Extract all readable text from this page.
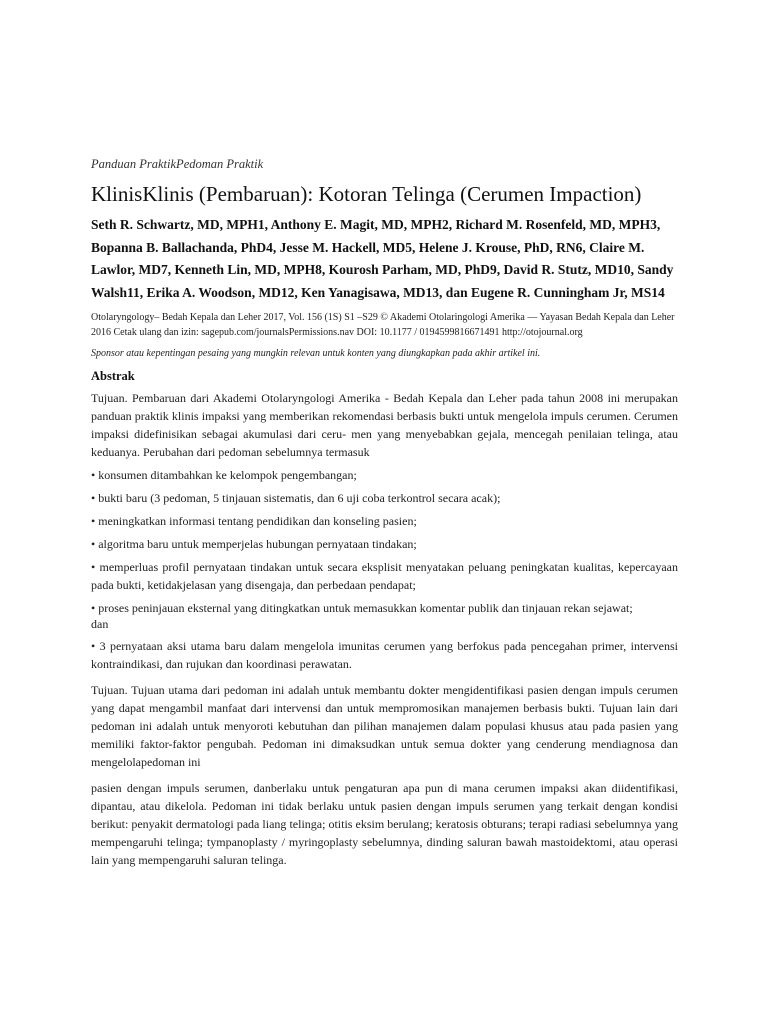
Panduan PraktikPedoman Praktik

KlinisKlinis (Pembaruan): Kotoran Telinga (Cerumen Impaction)

Seth R. Schwartz, MD, MPH1, Anthony E. Magit, MD, MPH2, Richard M. Rosenfeld, MD, MPH3, Bopanna B. Ballachanda, PhD4, Jesse M. Hackell, MD5, Helene J. Krouse, PhD, RN6, Claire M. Lawlor, MD7, Kenneth Lin, MD, MPH8, Kourosh Parham, MD, PhD9, David R. Stutz, MD10, Sandy Walsh11, Erika A. Woodson, MD12, Ken Yanagisawa, MD13, dan Eugene R. Cunningham Jr, MS14

Otolaryngology– Bedah Kepala dan Leher 2017, Vol. 156 (1S) S1 –S29 © Akademi Otolaringologi Amerika — Yayasan Bedah Kepala dan Leher 2016 Cetak ulang dan izin: sagepub.com/journalsPermissions.nav DOI: 10.1177 / 0194599816671491 http://otojournal.org

Sponsor atau kepentingan pesaing yang mungkin relevan untuk konten yang diungkapkan pada akhir artikel ini.

Abstrak

Tujuan. Pembaruan dari Akademi Otolaryngologi Amerika - Bedah Kepala dan Leher pada tahun 2008 ini merupakan panduan praktik klinis impaksi yang memberikan rekomendasi berbasis bukti untuk mengelola impuls cerumen. Cerumen impaksi didefinisikan sebagai akumulasi dari ceru- men yang menyebabkan gejala, mencegah penilaian telinga, atau keduanya. Perubahan dari pedoman sebelumnya termasuk

• konsumen ditambahkan ke kelompok pengembangan;

• bukti baru (3 pedoman, 5 tinjauan sistematis, dan 6 uji coba terkontrol secara acak);

• meningkatkan informasi tentang pendidikan dan konseling pasien;

• algoritma baru untuk memperjelas hubungan pernyataan tindakan;

• memperluas profil pernyataan tindakan untuk secara eksplisit menyatakan peluang peningkatan kualitas, kepercayaan pada bukti, ketidakjelasan yang disengaja, dan perbedaan pendapat;

• proses peninjauan eksternal yang ditingkatkan untuk memasukkan komentar publik dan tinjauan rekan sejawat;

dan

• 3 pernyataan aksi utama baru dalam mengelola imunitas cerumen yang berfokus pada pencegahan primer, intervensi kontraindikasi, dan rujukan dan koordinasi perawatan.

Tujuan. Tujuan utama dari pedoman ini adalah untuk membantu dokter mengidentifikasi pasien dengan impuls cerumen yang dapat mengambil manfaat dari intervensi dan untuk mempromosikan manajemen berbasis bukti. Tujuan lain dari pedoman ini adalah untuk menyoroti kebutuhan dan pilihan manajemen dalam populasi khusus atau pada pasien yang memiliki faktor-faktor pengubah. Pedoman ini dimaksudkan untuk semua dokter yang cenderung mendiagnosa dan mengelolapedoman ini

pasien dengan impuls serumen, danberlaku untuk pengaturan apa pun di mana cerumen impaksi akan diidentifikasi, dipantau, atau dikelola. Pedoman ini tidak berlaku untuk pasien dengan impuls serumen yang terkait dengan kondisi berikut: penyakit dermatologi pada liang telinga; otitis eksim berulang; keratosis obturans; terapi radiasi sebelumnya yang mempengaruhi telinga; tympanoplasty / myringoplasty sebelumnya, dinding saluran bawah mastoidektomi, atau operasi lain yang mempengaruhi saluran telinga.
